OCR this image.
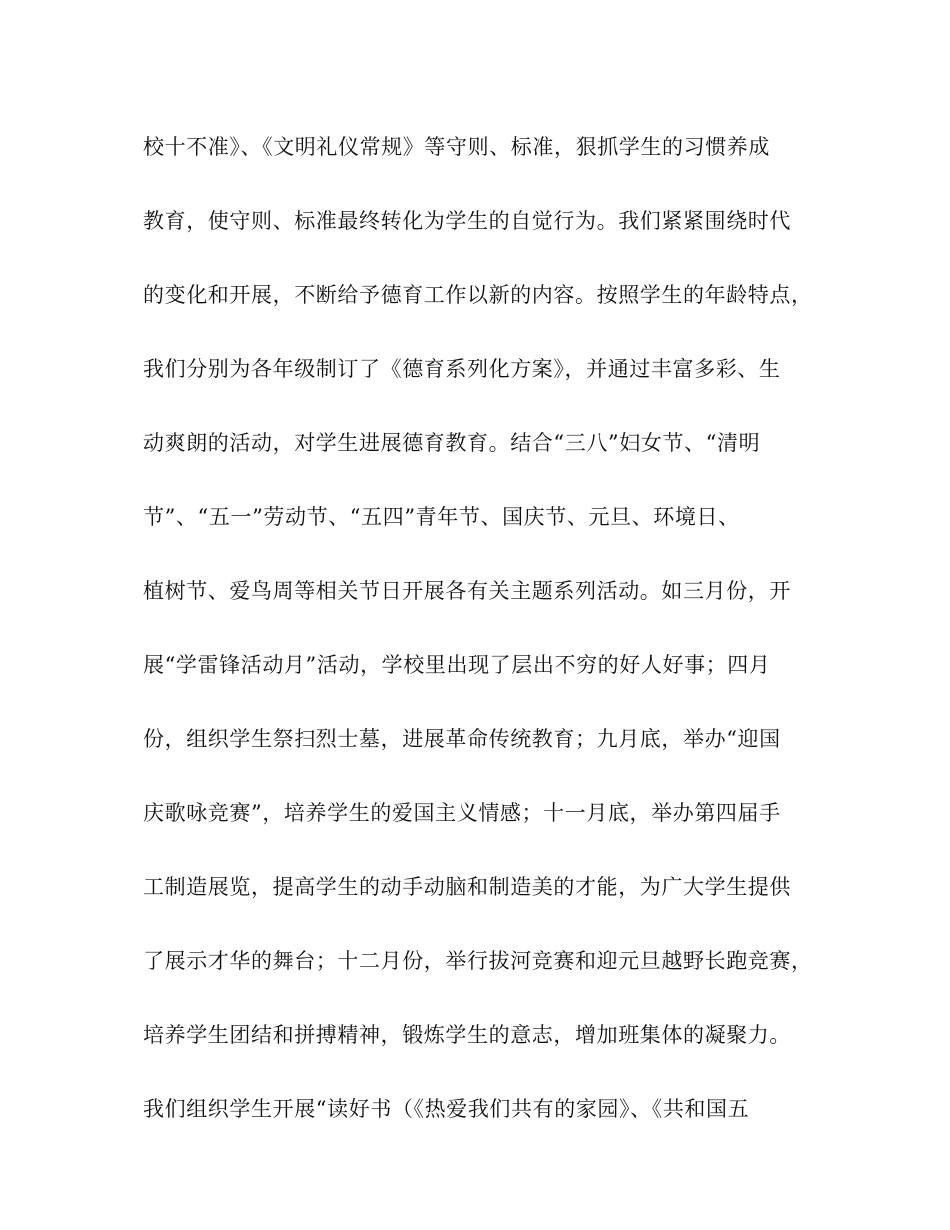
校十不准》、《文明礼仪常规》等守则、标准，狠抓学生的习惯养成
教育，使守则、标准最终转化为学生的自觉行为。我们紧紧围绕时代
的变化和开展，不断给予德育工作以新的内容。按照学生的年龄特点，
我们分别为各年级制订了《德育系列化方案》，并通过丰富多彩、生
动爽朗的活动，对学生进展德育教育。结合“三八”妇女节、“清明
节”、“五一”劳动节、“五四”青年节、国庆节、元旦、环境日、
植树节、爱鸟周等相关节日开展各有关主题系列活动。如三月份，开
展“学雷锋活动月”活动，学校里出现了层出不穷的好人好事；四月
份，组织学生祭扫烈士墓，进展革命传统教育；九月底，举办“迎国
庆歌咏竞赛”，培养学生的爱国主义情感；十一月底，举办第四届手
工制造展览，提高学生的动手动脑和制造美的才能，为广大学生提供
了展示才华的舞台；十二月份，举行拔河竞赛和迎元旦越野长跑竞赛，
培养学生团结和拼搏精神，锻炼学生的意志，增加班集体的凝聚力。
我们组织学生开展“读好书（《热爱我们共有的家园》、《共和国五
